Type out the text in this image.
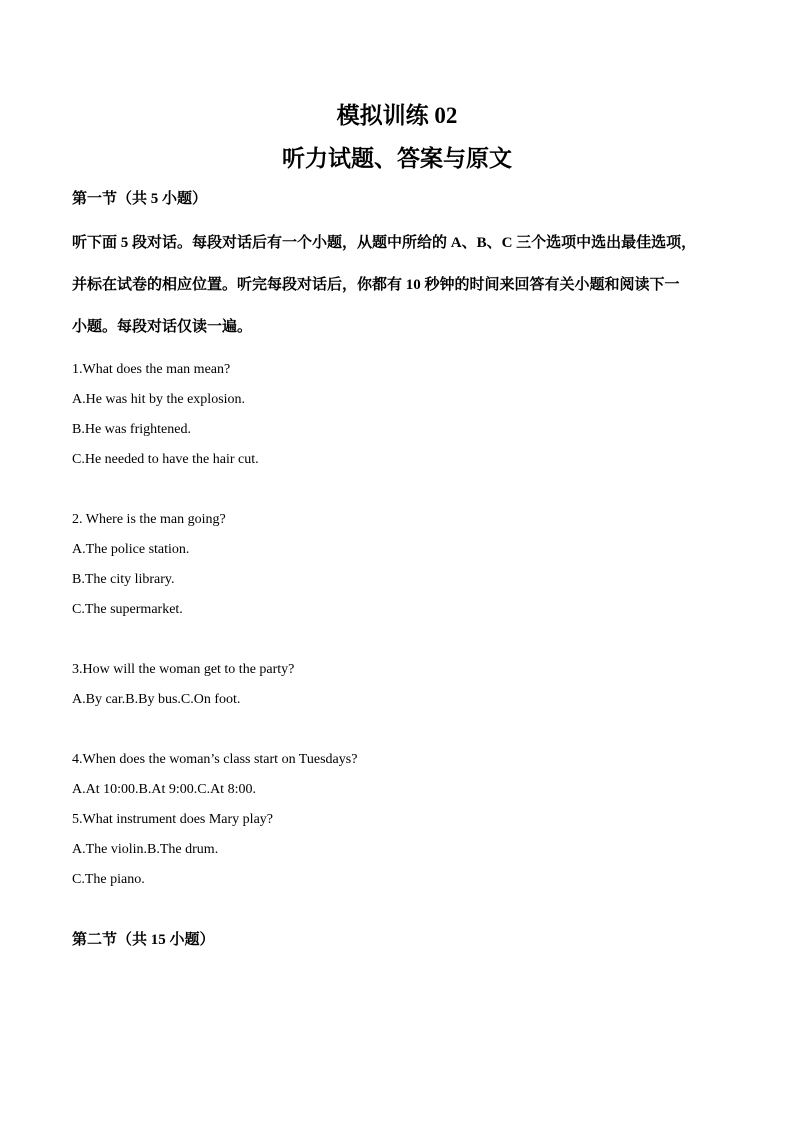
模拟训练 02
听力试题、答案与原文
第一节（共 5 小题）
听下面 5 段对话。每段对话后有一个小题，从题中所给的 A、B、C 三个选项中选出最佳选项，
并标在试卷的相应位置。听完每段对话后，你都有 10 秒钟的时间来回答有关小题和阅读下一
小题。每段对话仅读一遍。
1.What does the man mean?
A.He was hit by the explosion.
B.He was frightened.
C.He needed to have the hair cut.
2. Where is the man going?
A.The police station.
B.The city library.
C.The supermarket.
3.How will the woman get to the party?
A.By car.B.By bus.C.On foot.
4.When does the woman’s class start on Tuesdays?
A.At 10:00.B.At 9:00.C.At 8:00.
5.What instrument does Mary play?
A.The violin.B.The drum.
C.The piano.
第二节（共 15 小题）
